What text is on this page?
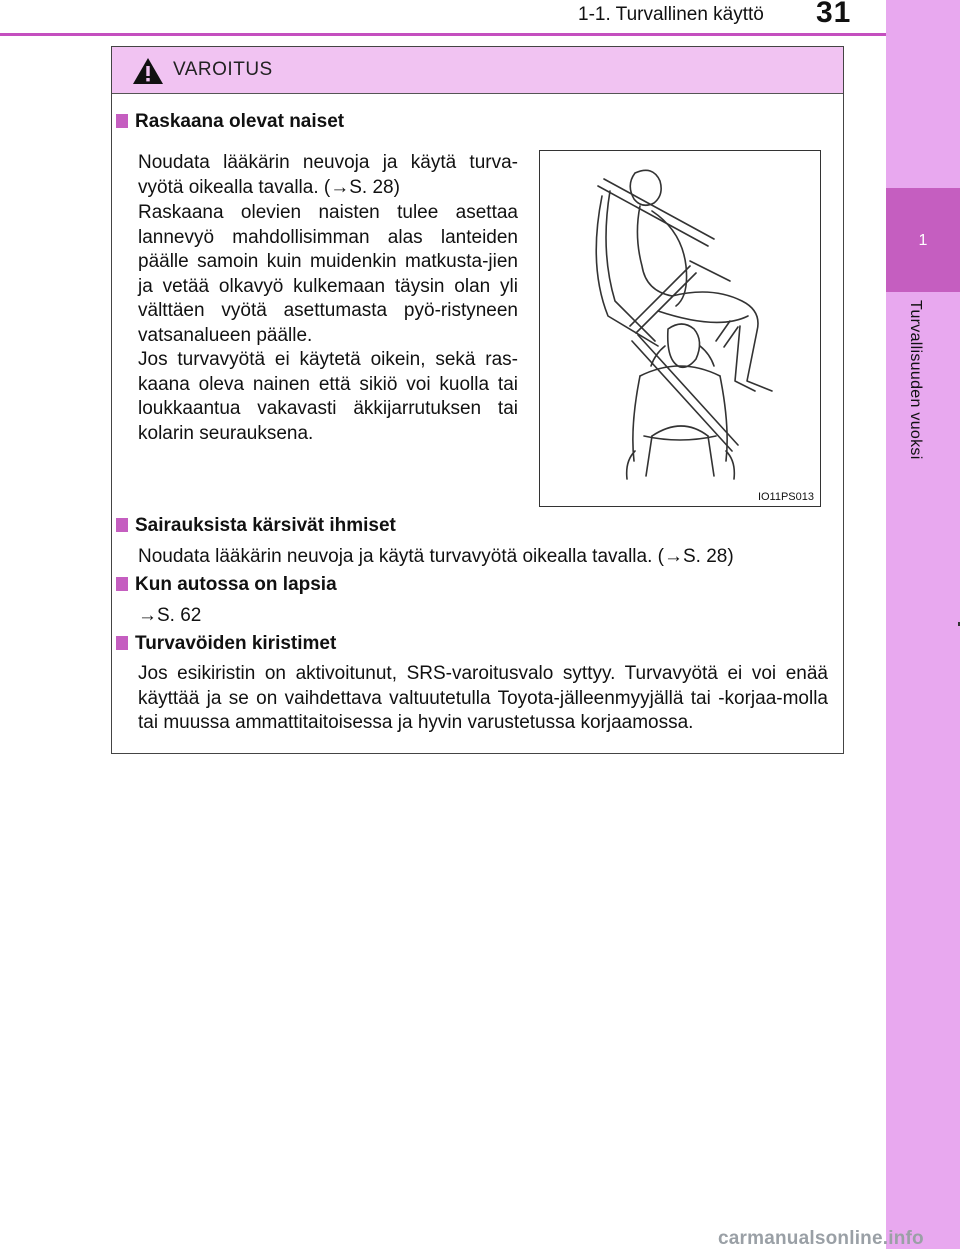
1-1. Turvallinen käyttö 31
1
Turvallisuuden vuoksi
VAROITUS
Raskaana olevat naiset
Noudata lääkärin neuvoja ja käytä turva-vyötä oikealla tavalla. (→S. 28)
Raskaana olevien naisten tulee asettaa lannevyö mahdollisimman alas lanteiden päälle samoin kuin muidenkin matkusta-jien ja vetää olkavyö kulkemaan täysin olan yli välttäen vyötä asettumasta pyö-ristyneen vatsanalueen päälle.
Jos turvavyötä ei käytetä oikein, sekä ras-kaana oleva nainen että sikiö voi kuolla tai loukkaantua vakavasti äkkijarrutuksen tai kolarin seurauksena.
IO11PS013
Sairauksista kärsivät ihmiset
Noudata lääkärin neuvoja ja käytä turvavyötä oikealla tavalla. (→S. 28)
Kun autossa on lapsia
→S. 62
Turvavöiden kiristimet
Jos esikiristin on aktivoitunut, SRS-varoitusvalo syttyy. Turvavyötä ei voi enää käyttää ja se on vaihdettava valtuutetulla Toyota-jälleenmyyjällä tai -korjaa-molla tai muussa ammattitaitoisessa ja hyvin varustetussa korjaamossa.
carmanualsonline.info
